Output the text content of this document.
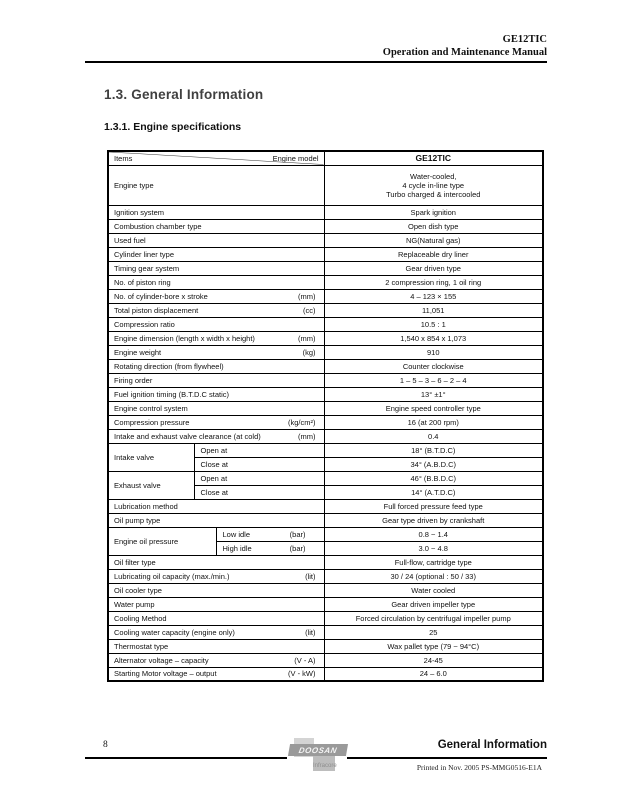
GE12TIC
Operation and Maintenance Manual
1.3. General Information
1.3.1. Engine specifications
Engine model
Items			GE12TIC

Engine type			Water-cooled,
4 cycle in-line type
Turbo charged & intercooled

Ignition system			Spark ignition

Combustion chamber type			Open dish type

Used fuel			NG(Natural gas)

Cylinder liner type			Replaceable dry liner

Timing gear system			Gear driven type

No. of piston ring			2 compression ring, 1 oil ring

No. of cylinder-bore x stroke (mm)			4 – 123 × 155

Total piston displacement (cc)			11,051

Compression ratio			10.5 : 1

Engine dimension (length x width x height) (mm)			1,540 x 854 x 1,073

Engine weight (kg)			910

Rotating direction (from flywheel)			Counter clockwise

Firing order			1 – 5 – 3 – 6 – 2 – 4

Fuel ignition timing (B.T.D.C static)			13° ±1°

Engine control system			Engine speed controller type

Compression pressure (kg/cm²)			16 (at 200 rpm)

Intake and exhaust valve clearance (at cold) (mm)			0.4
Intake valve	Open at		18° (B.T.D.C)

	Close at		34° (A.B.D.C)
Exhaust valve	Open at		46° (B.B.D.C)

	Close at		14° (A.T.D.C)

Lubrication method			Full forced pressure feed type

Oil pump type			Gear type driven by crankshaft
Engine oil pressure		Low idle (bar)	0.8 ~ 1.4

		High idle (bar)	3.0 ~ 4.8

Oil filter type			Full-flow, cartridge type

Lubricating oil capacity (max./min.) (lit)			30 / 24 (optional : 50 / 33)

Oil cooler type			Water cooled

Water pump			Gear driven impeller type

Cooling Method			Forced circulation by centrifugal impeller pump

Cooling water capacity (engine only) (lit)			25

Thermostat type			Wax pallet type (79 ~ 94°C)

Alternator voltage – capacity (V - A)			24-45

Starting Motor voltage – output (V - kW)			24 – 6.0
8	General Information
Printed in Nov. 2005 PS-MMG0516-E1A
DOOSAN
Infracore
